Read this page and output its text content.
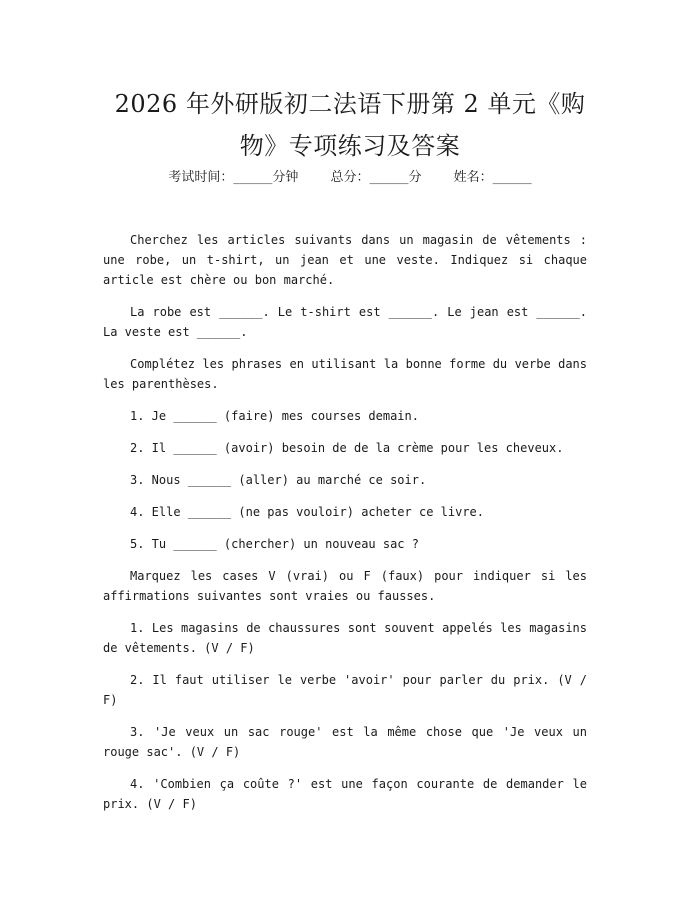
2026 年外研版初二法语下册第 2 单元《购
物》专项练习及答案
考试时间：______分钟 总分：______分 姓名：______

Cherchez les articles suivants dans un magasin de vêtements : une robe, un t-shirt, un jean et une veste. Indiquez si chaque article est chère ou bon marché.

La robe est ______. Le t-shirt est ______. Le jean est ______. La veste est ______.

Complétez les phrases en utilisant la bonne forme du verbe dans les parenthèses.

1. Je ______ (faire) mes courses demain.

2. Il ______ (avoir) besoin de de la crème pour les cheveux.

3. Nous ______ (aller) au marché ce soir.

4. Elle ______ (ne pas vouloir) acheter ce livre.

5. Tu ______ (chercher) un nouveau sac ?

Marquez les cases V (vrai) ou F (faux) pour indiquer si les affirmations suivantes sont vraies ou fausses.

1. Les magasins de chaussures sont souvent appelés les magasins de vêtements. (V / F)

2. Il faut utiliser le verbe 'avoir' pour parler du prix. (V / F)

3. 'Je veux un sac rouge' est la même chose que 'Je veux un rouge sac'. (V / F)

4. 'Combien ça coûte ?' est une façon courante de demander le prix. (V / F)
